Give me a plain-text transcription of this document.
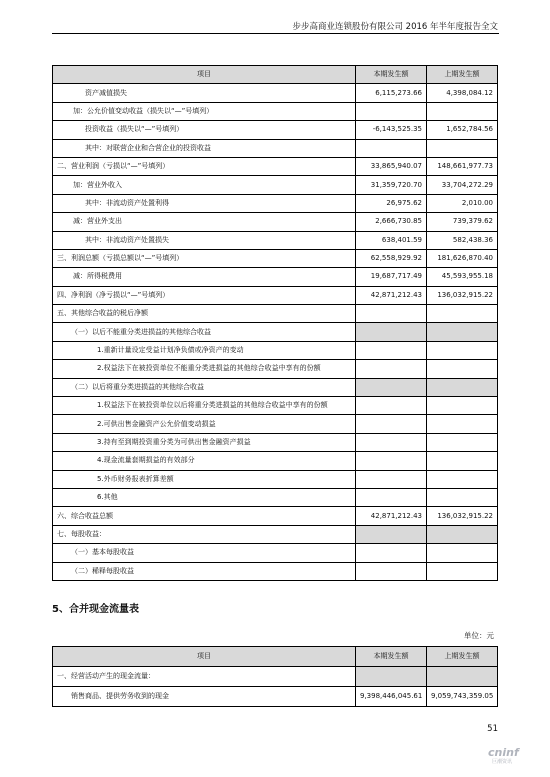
步步高商业连锁股份有限公司 2016 年半年度报告全文
项目	本期发生额	上期发生额
资产减值损失	6,115,273.66	4,398,084.12
加：公允价值变动收益（损失以“—”号填列）		
投资收益（损失以“—”号填列）	-6,143,525.35	1,652,784.56
其中：对联营企业和合营企业的投资收益		
二、营业利润（亏损以“—”号填列）	33,865,940.07	148,661,977.73
加：营业外收入	31,359,720.70	33,704,272.29
其中：非流动资产处置利得	26,975.62	2,010.00
减：营业外支出	2,666,730.85	739,379.62
其中：非流动资产处置损失	638,401.59	582,438.36
三、利润总额（亏损总额以“—”号填列）	62,558,929.92	181,626,870.40
减：所得税费用	19,687,717.49	45,593,955.18
四、净利润（净亏损以“—”号填列）	42,871,212.43	136,032,915.22
五、其他综合收益的税后净额		
（一）以后不能重分类进损益的其他综合收益		
1.重新计量设定受益计划净负债或净资产的变动		
2.权益法下在被投资单位不能重分类进损益的其他综合收益中享有的份额		
（二）以后将重分类进损益的其他综合收益		
1.权益法下在被投资单位以后将重分类进损益的其他综合收益中享有的份额		
2.可供出售金融资产公允价值变动损益		
3.持有至到期投资重分类为可供出售金融资产损益		
4.现金流量套期损益的有效部分		
5.外币财务报表折算差额		
6.其他		
六、综合收益总额	42,871,212.43	136,032,915.22
七、每股收益：		
（一）基本每股收益		
（二）稀释每股收益		
5、合并现金流量表
单位：元
项目	本期发生额	上期发生额
一、经营活动产生的现金流量：		
销售商品、提供劳务收到的现金	9,398,446,045.61	9,059,743,359.05
51
cninf
巨潮资讯
